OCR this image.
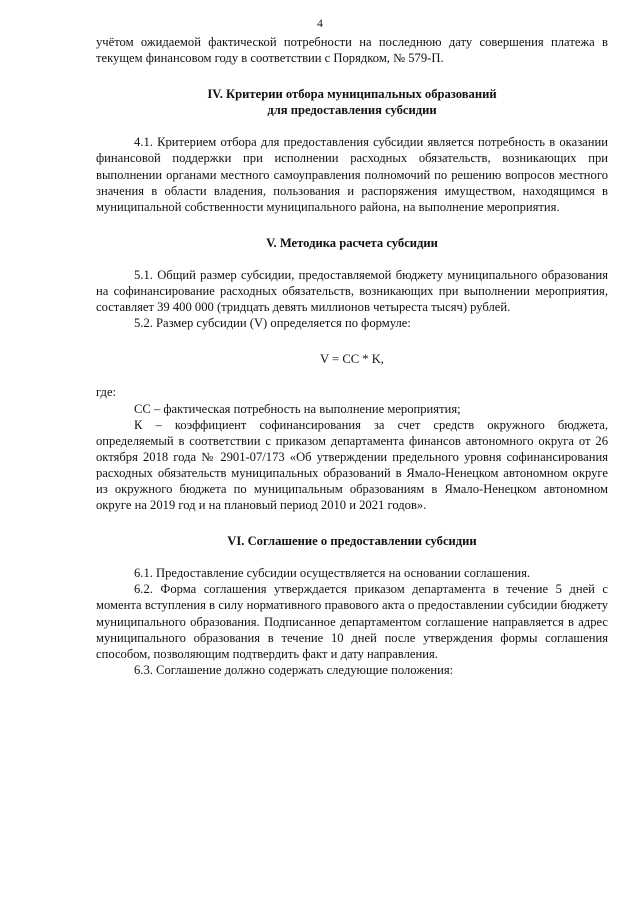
4

учётом ожидаемой фактической потребности на последнюю дату совершения платежа в текущем финансовом году в соответствии с Порядком, № 579-П.

IV. Критерии отбора муниципальных образований
для предоставления субсидии

4.1. Критерием отбора для предоставления субсидии является потребность в оказании финансовой поддержки при исполнении расходных обязательств, возникающих при выполнении органами местного самоуправления полномочий по решению вопросов местного значения в области владения, пользования и распоряжения имуществом, находящимся в муниципальной собственности муниципального района, на выполнение мероприятия.

V. Методика расчета субсидии

5.1. Общий размер субсидии, предоставляемой бюджету муниципального образования на софинансирование расходных обязательств, возникающих при выполнении мероприятия, составляет 39 400 000 (тридцать девять миллионов четыреста тысяч) рублей.

5.2. Размер субсидии (V) определяется по формуле:

V = CC * K,

где:

CC – фактическая потребность на выполнение мероприятия;

К – коэффициент софинансирования за счет средств окружного бюджета, определяемый в соответствии с приказом департамента финансов автономного округа от 26 октября 2018 года № 2901-07/173 «Об утверждении предельного уровня софинансирования расходных обязательств муниципальных образований в Ямало-Ненецком автономном округе из окружного бюджета по муниципальным образованиям в Ямало-Ненецком автономном округе на 2019 год и на плановый период 2010 и 2021 годов».

VI. Соглашение о предоставлении субсидии

6.1. Предоставление субсидии осуществляется на основании соглашения.

6.2. Форма соглашения утверждается приказом департамента в течение 5 дней с момента вступления в силу нормативного правового акта о предоставлении субсидии бюджету муниципального образования. Подписанное департаментом соглашение направляется в адрес муниципального образования в течение 10 дней после утверждения формы соглашения способом, позволяющим подтвердить факт и дату направления.

6.3. Соглашение должно содержать следующие положения:
